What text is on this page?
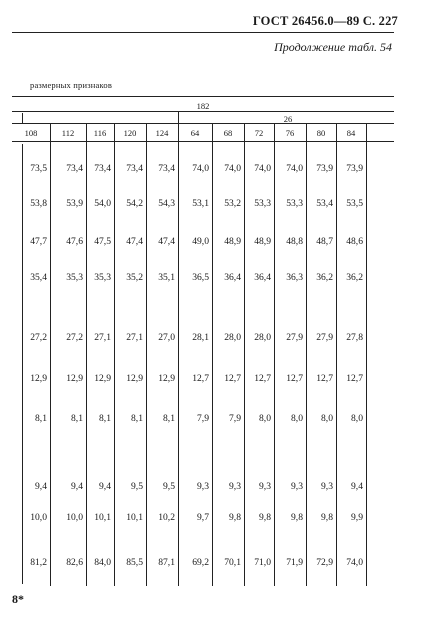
ГОСТ 26456.0—89 С. 227
Продолжение табл. 54
размерных признаков
182
26
108	112	116	120	124	64	68	72	76	80	84
73,5 73,4 73,4 73,4 73,4 74,0 74,0 74,0 74,0 73,9 73,9
53,8 53,9 54,0 54,2 54,3 53,1 53,2 53,3 53,3 53,4 53,5
47,7 47,6 47,5 47,4 47,4 49,0 48,9 48,9 48,8 48,7 48,6
35,4 35,3 35,3 35,2 35,1 36,5 36,4 36,4 36,3 36,2 36,2
27,2 27,2 27,1 27,1 27,0 28,1 28,0 28,0 27,9 27,9 27,8
12,9 12,9 12,9 12,9 12,9 12,7 12,7 12,7 12,7 12,7 12,7
8,1	8,1 8,1 8,1 8,1 7,9 7,9 8,0 8,0 8,0 8,0
9,4	9,4 9,4 9,5 9,5 9,3 9,3 9,3 9,3 9,3 9,4
10,0 10,0 10,1 10,1 10,2 9,7 9,8 9,8 9,8 9,8 9,9
81,2 82,6 84,0 85,5 87,1 69,2 70,1 71,0 71,9 72,9 74,0
8*
